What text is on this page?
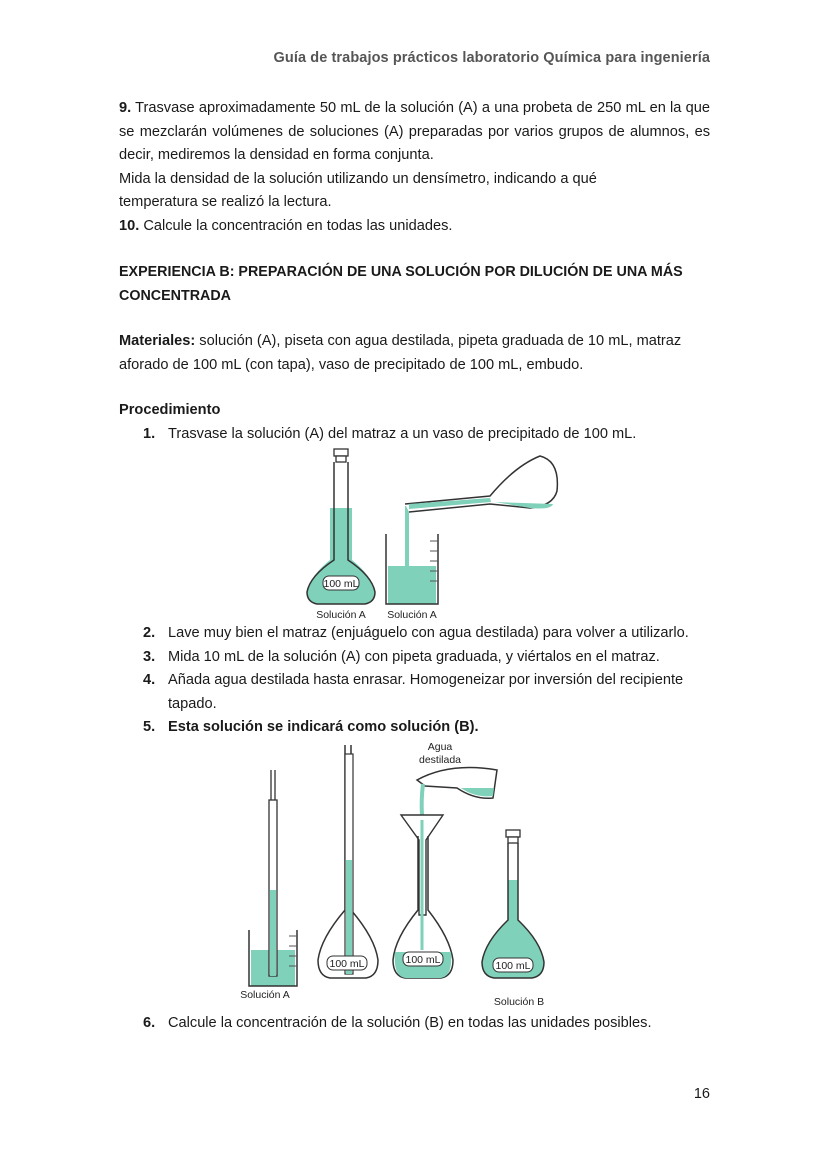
Guía de trabajos prácticos laboratorio Química para ingeniería

9. Trasvase aproximadamente 50 mL de la solución (A) a una probeta de 250 mL en la que se mezclarán volúmenes de soluciones (A) preparadas por varios grupos de alumnos, es decir, mediremos la densidad en forma conjunta.

Mida la densidad de la solución utilizando un densímetro, indicando a qué

temperatura se realizó la lectura.

10. Calcule la concentración en todas las unidades.

EXPERIENCIA B: PREPARACIÓN DE UNA SOLUCIÓN POR DILUCIÓN DE UNA MÁS CONCENTRADA

Materiales: solución (A), piseta con agua destilada, pipeta graduada de 10 mL, matraz aforado de 100 mL (con tapa), vaso de precipitado de 100 mL, embudo.

Procedimiento

1. Trasvase la solución (A) del matraz a un vaso de precipitado de 100 mL.
100 mL
Solución A Solución A
2. Lave muy bien el matraz (enjuáguelo con agua destilada) para volver a utilizarlo.
3. Mida 10 mL de la solución (A) con pipeta graduada, y viértalos en el matraz.
4. Añada agua destilada hasta enrasar. Homogeneizar por inversión del recipiente tapado.
5. Esta solución se indicará como solución (B).
100 mL
Agua
destilada
100 mL	100 mL
Solución A
Solución B
6. Calcule la concentración de la solución (B) en todas las unidades posibles.
16
